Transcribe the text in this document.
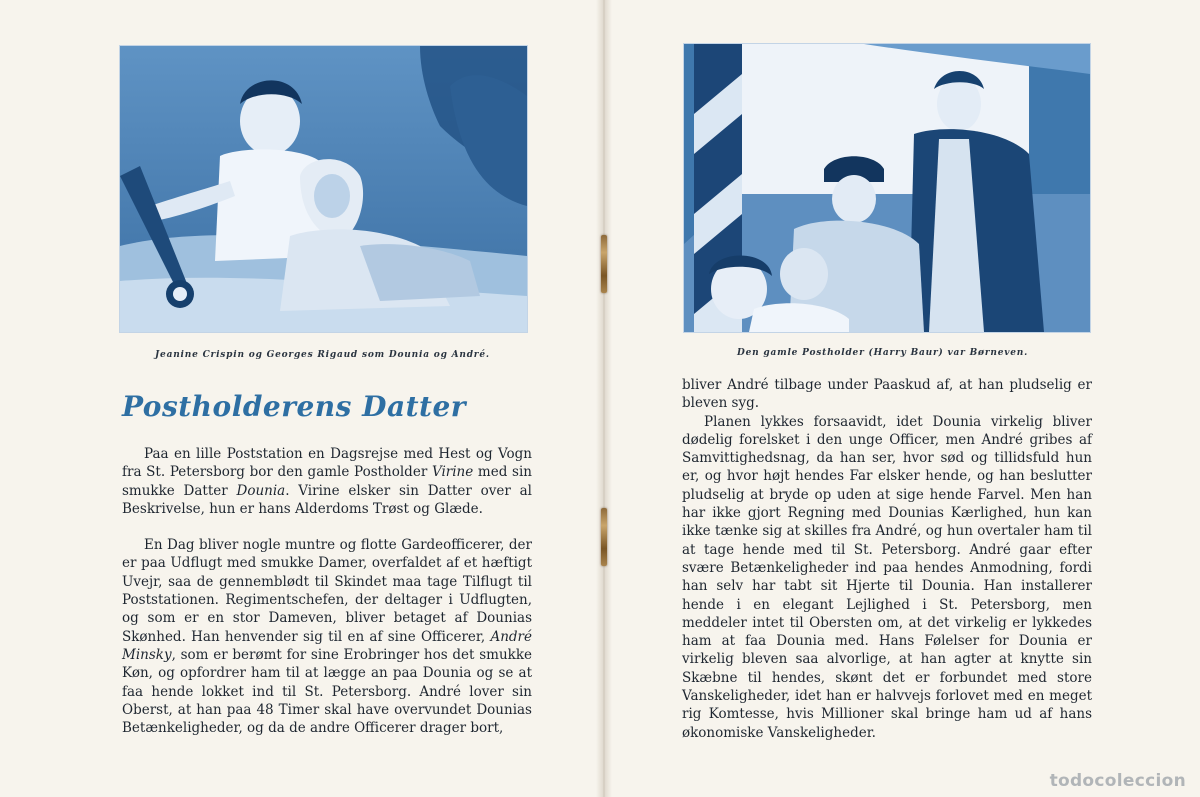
Jeanine Crispin og Georges Rigaud som Dounia og André.
Postholderens Datter

Paa en lille Poststation en Dagsrejse med Hest og Vogn fra St. Petersborg bor den gamle Postholder Virine med sin smukke Datter Dounia. Virine elsker sin Datter over al Beskrivelse, hun er hans Alderdoms Trøst og Glæde.

En Dag bliver nogle muntre og flotte Gardeofficerer, der er paa Udflugt med smukke Damer, overfaldet af et hæftigt Uvejr, saa de gennemblødt til Skindet maa tage Tilflugt til Poststationen. Regimentschefen, der deltager i Udflugten, og som er en stor Dameven, bliver betaget af Dounias Skønhed. Han henvender sig til en af sine Officerer, André Minsky, som er berømt for sine Erobringer hos det smukke Køn, og opfordrer ham til at lægge an paa Dounia og se at faa hende lokket ind til St. Petersborg. André lover sin Oberst, at han paa 48 Timer skal have overvundet Dounias Betænkeligheder, og da de andre Officerer drager bort,

Den gamle Postholder (Harry Baur) var Børneven.

bliver André tilbage under Paaskud af, at han pludselig er bleven syg.

Planen lykkes forsaavidt, idet Dounia virkelig bliver dødelig forelsket i den unge Officer, men André gribes af Samvittighedsnag, da han ser, hvor sød og tillidsfuld hun er, og hvor højt hendes Far elsker hende, og han beslutter pludselig at bryde op uden at sige hende Farvel. Men han har ikke gjort Regning med Dounias Kærlighed, hun kan ikke tænke sig at skilles fra André, og hun overtaler ham til at tage hende med til St. Petersborg. André gaar efter svære Betænkeligheder ind paa hendes Anmodning, fordi han selv har tabt sit Hjerte til Dounia. Han installerer hende i en elegant Lejlighed i St. Petersborg, men meddeler intet til Obersten om, at det virkelig er lykkedes ham at faa Dounia med. Hans Følelser for Dounia er virkelig bleven saa alvorlige, at han agter at knytte sin Skæbne til hendes, skønt det er forbundet med store Vanskeligheder, idet han er halvvejs forlovet med en meget rig Komtesse, hvis Millioner skal bringe ham ud af hans økonomiske Vanskeligheder.

todocoleccion
